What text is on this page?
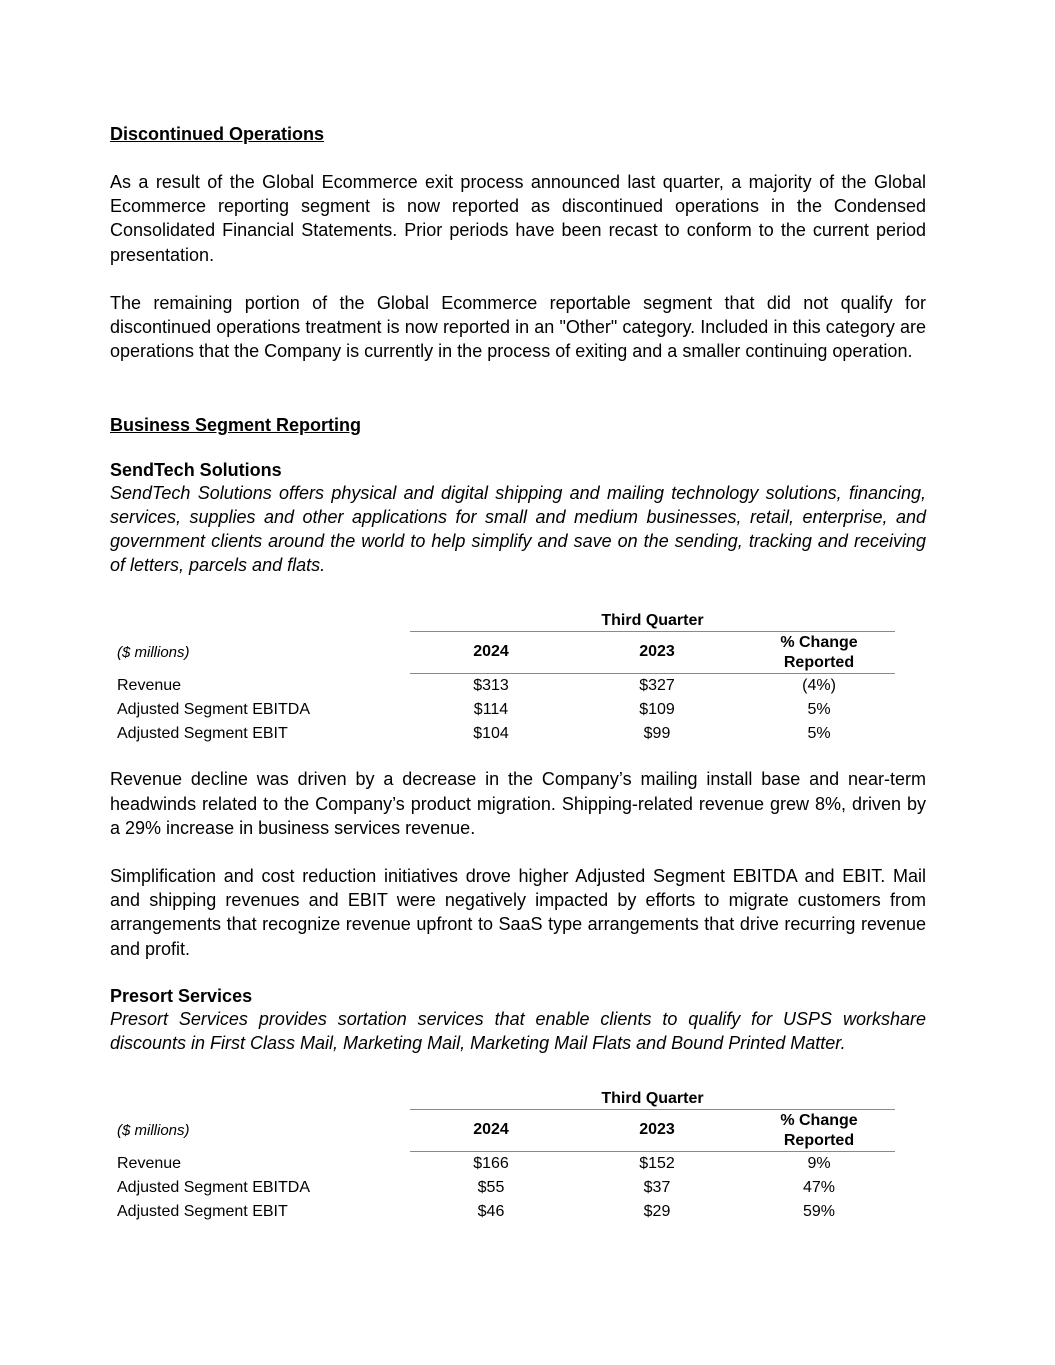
Discontinued Operations

As a result of the Global Ecommerce exit process announced last quarter, a majority of the Global Ecommerce reporting segment is now reported as discontinued operations in the Condensed Consolidated Financial Statements. Prior periods have been recast to conform to the current period presentation.

The remaining portion of the Global Ecommerce reportable segment that did not qualify for discontinued operations treatment is now reported in an "Other" category. Included in this category are operations that the Company is currently in the process of exiting and a smaller continuing operation.

Business Segment Reporting

SendTech Solutions

SendTech Solutions offers physical and digital shipping and mailing technology solutions, financing, services, supplies and other applications for small and medium businesses, retail, enterprise, and government clients around the world to help simplify and save on the sending, tracking and receiving of letters, parcels and flats.

Third Quarter
($ millions)	2024	2023
% Change
Reported
Revenue	$313	$327	(4%)
Adjusted Segment EBITDA	$114	$109	5%
Adjusted Segment EBIT	$104	$99	5%

Revenue decline was driven by a decrease in the Company’s mailing install base and near-term headwinds related to the Company’s product migration. Shipping-related revenue grew 8%, driven by a 29% increase in business services revenue.

Simplification and cost reduction initiatives drove higher Adjusted Segment EBITDA and EBIT. Mail and shipping revenues and EBIT were negatively impacted by efforts to migrate customers from arrangements that recognize revenue upfront to SaaS type arrangements that drive recurring revenue and profit.

Presort Services

Presort Services provides sortation services that enable clients to qualify for USPS workshare discounts in First Class Mail, Marketing Mail, Marketing Mail Flats and Bound Printed Matter.

Third Quarter
($ millions)	2024	2023
% Change
Reported
Revenue	$166	$152	9%
Adjusted Segment EBITDA	$55	$37	47%
Adjusted Segment EBIT	$46	$29	59%
